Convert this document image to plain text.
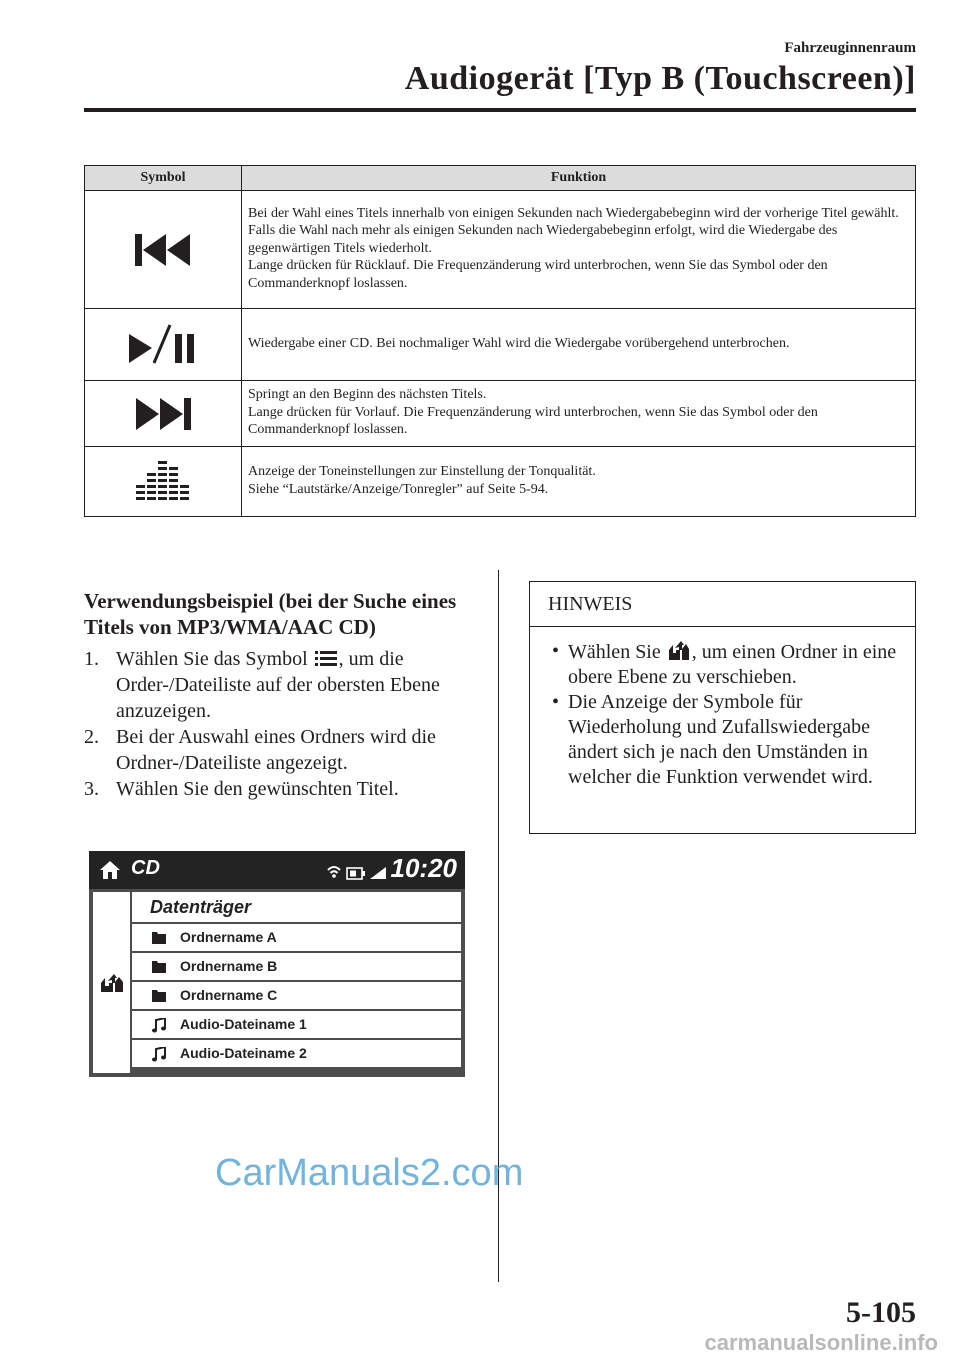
Fahrzeuginnenraum
Audiogerät [Typ B (Touchscreen)]
Symbol	Funktion

	Bei der Wahl eines Titels innerhalb von einigen Sekunden nach Wiedergabebeginn wird der vorherige Titel gewählt.
Falls die Wahl nach mehr als einigen Sekunden nach Wiedergabebeginn erfolgt, wird die Wiedergabe des gegenwärtigen Titels wiederholt.
Lange drücken für Rücklauf. Die Frequenzänderung wird unterbrochen, wenn Sie das Symbol oder den Commanderknopf loslassen.

	Wiedergabe einer CD. Bei nochmaliger Wahl wird die Wiedergabe vorübergehend unterbrochen.

	Springt an den Beginn des nächsten Titels.
Lange drücken für Vorlauf. Die Frequenzänderung wird unterbrochen, wenn Sie das Symbol oder den Commanderknopf loslassen.

	Anzeige der Toneinstellungen zur Einstellung der Tonqualität.
Siehe “Lautstärke/Anzeige/Tonregler” auf Seite 5-94.
Verwendungsbeispiel (bei der Suche eines Titels von MP3/WMA/AAC CD)
1. Wählen Sie das Symbol , um die Order-/Dateiliste auf der obersten Ebene anzuzeigen.
2. Bei der Auswahl eines Ordners wird die Ordner-/Dateiliste angezeigt.
3. Wählen Sie den gewünschten Titel.
HINWEIS
• Wählen Sie , um einen Ordner in eine obere Ebene zu verschieben.
• Die Anzeige der Symbole für Wiederholung und Zufallswiedergabe ändert sich je nach den Umständen in welcher die Funktion verwendet wird.
CD	10:20
Datenträger
Ordnername A
Ordnername B
Ordnername C
Audio-Dateiname 1
Audio-Dateiname 2
CarManuals2.com
5-105
carmanualsonline.info
